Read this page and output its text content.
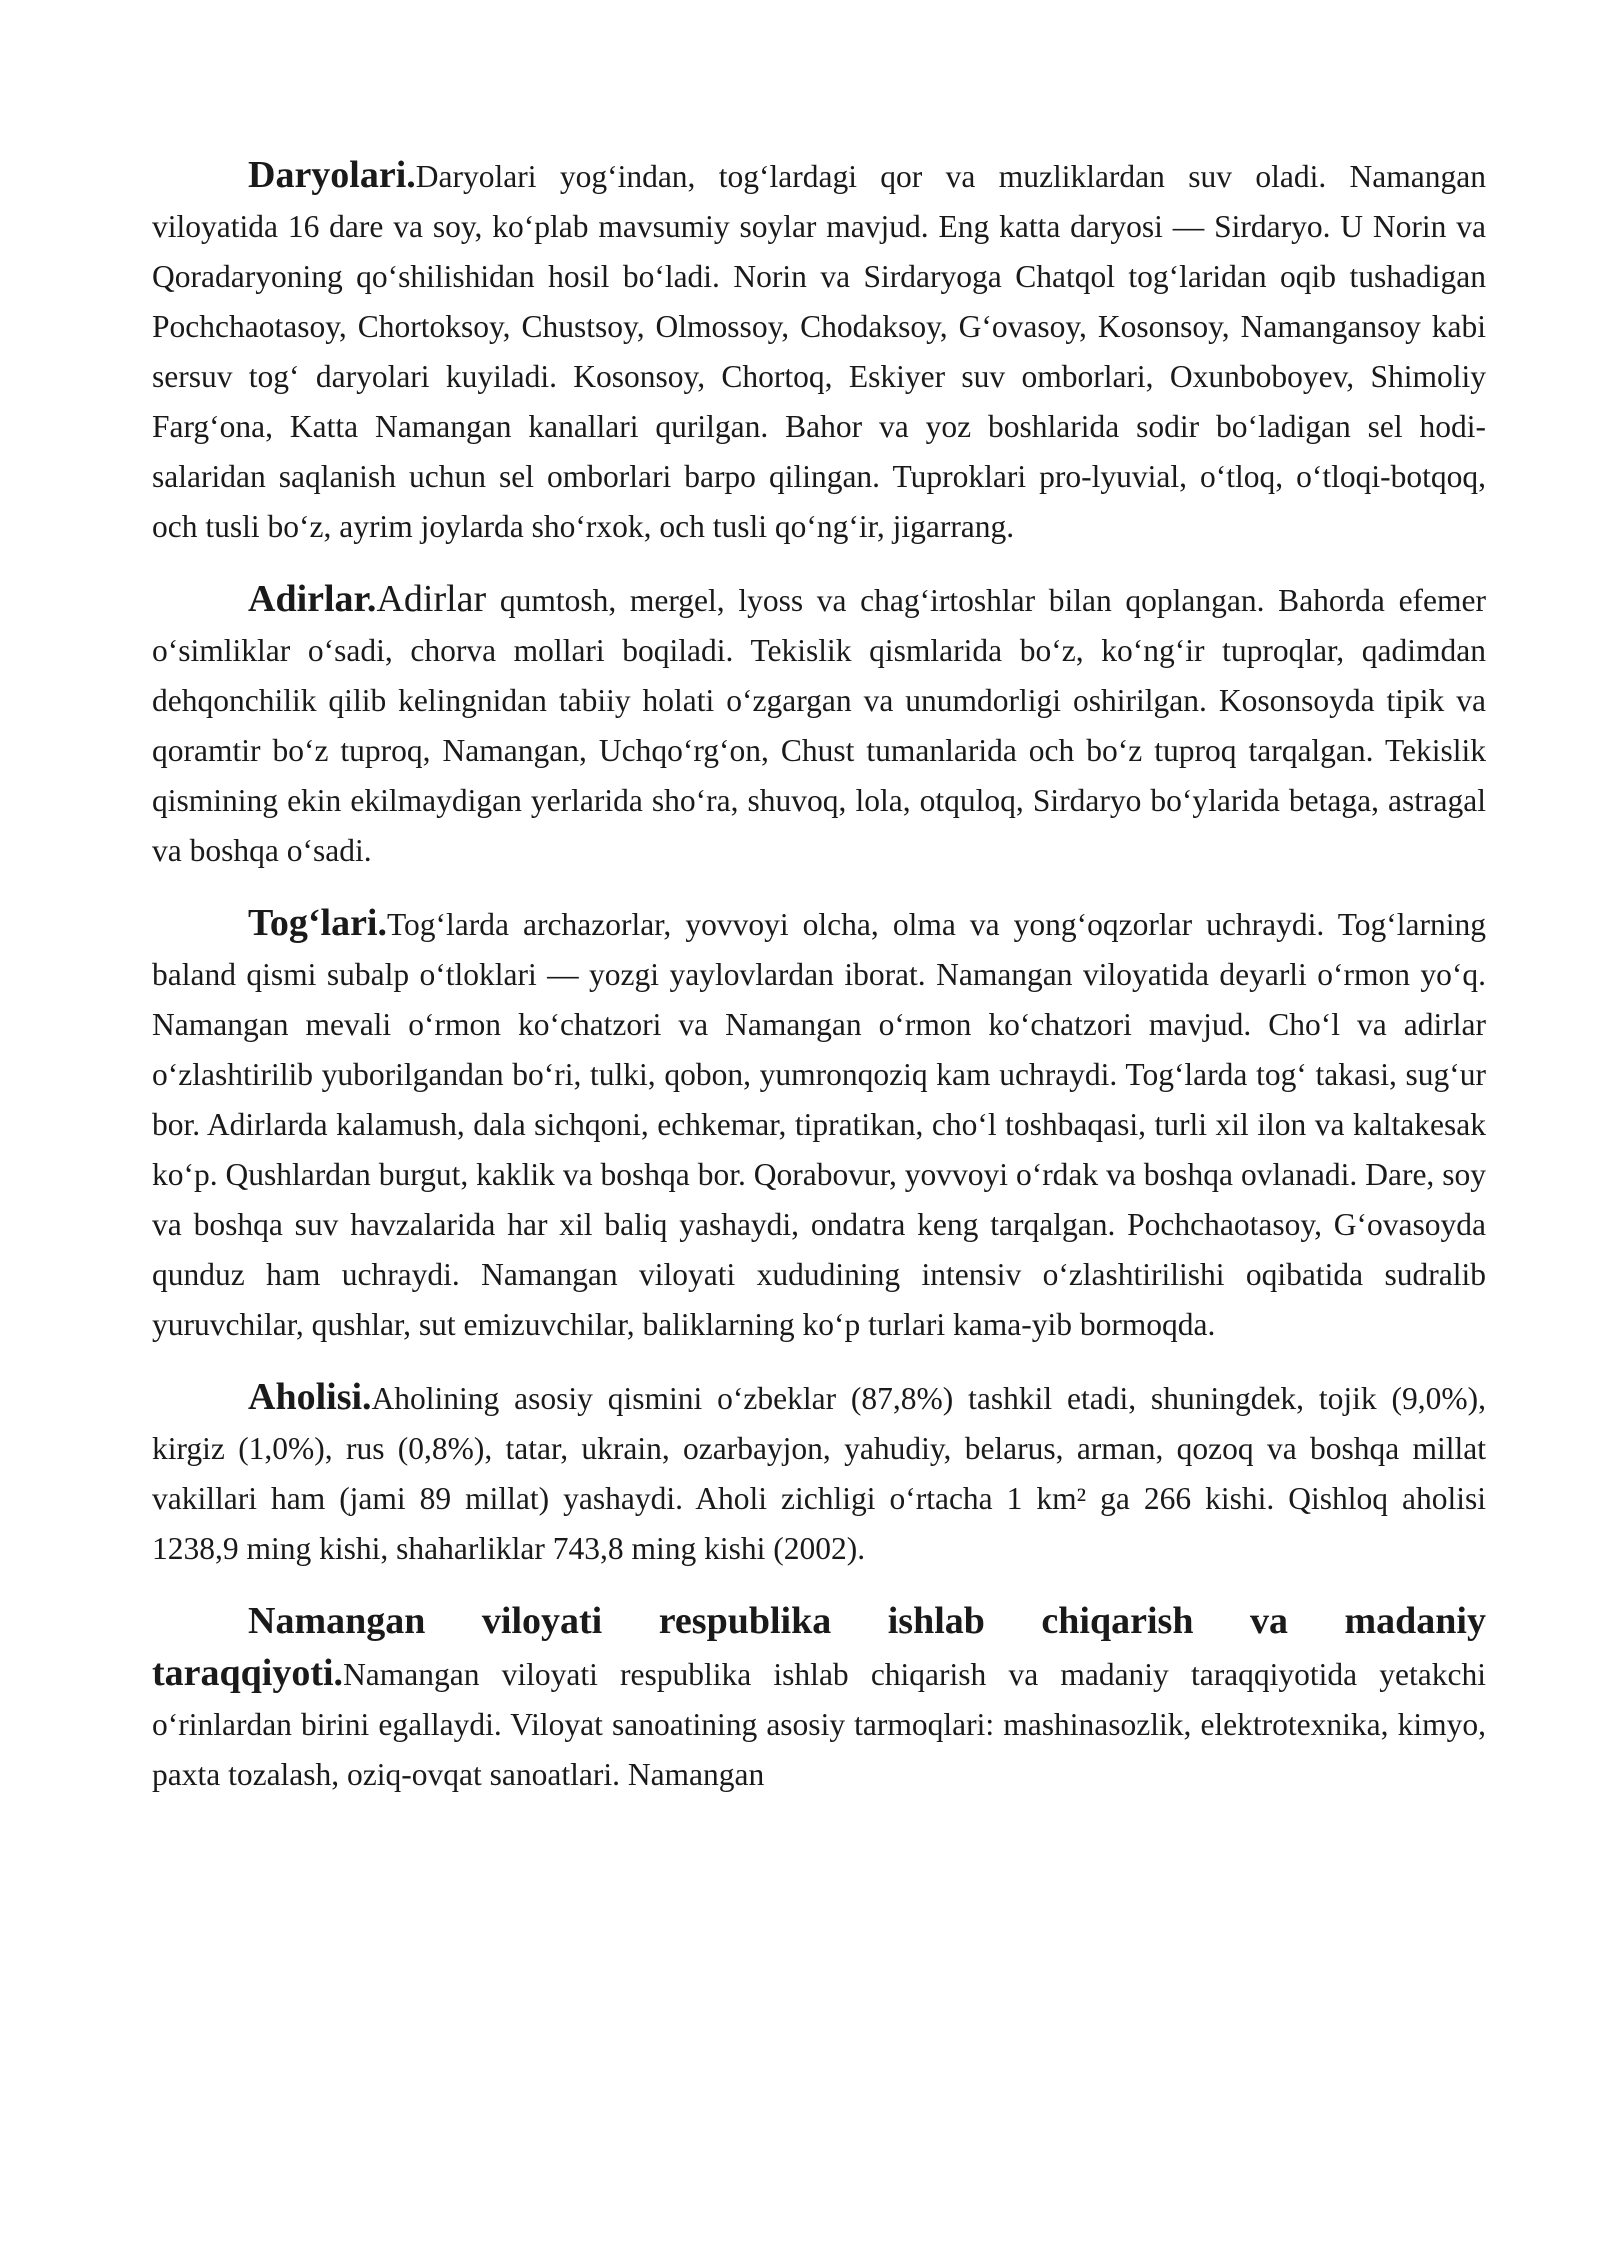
Daryolari.Daryolari yog‘indan, tog‘lardagi qor va muzliklardan suv oladi. Namangan viloyatida 16 dare va soy, ko‘plab mavsumiy soylar mavjud. Eng katta daryosi — Sirdaryo. U Norin va Qoradaryoning qo‘shilishidan hosil bo‘ladi. Norin va Sirdaryoga Chatqol tog‘laridan oqib tushadigan Pochchaotasoy, Chortoksoy, Chustsoy, Olmossoy, Chodaksoy, G‘ovasoy, Kosonsoy, Namangansoy kabi sersuv tog‘ daryolari kuyiladi. Kosonsoy, Chortoq, Eskiyer suv omborlari, Oxunboboyev, Shimoliy Farg‘ona, Katta Namangan kanallari qurilgan. Bahor va yoz boshlarida sodir bo‘ladigan sel hodi-salaridan saqlanish uchun sel omborlari barpo qilingan. Tuproklari pro-lyuvial, o‘tloq, o‘tloqi-botqoq, och tusli bo‘z, ayrim joylarda sho‘rxok, och tusli qo‘ng‘ir, jigarrang.

Adirlar.Adirlar qumtosh, mergel, lyoss va chag‘irtoshlar bilan qoplangan. Bahorda efemer o‘simliklar o‘sadi, chorva mollari boqiladi. Tekislik qismlarida bo‘z, ko‘ng‘ir tuproqlar, qadimdan dehqonchilik qilib kelingnidan tabiiy holati o‘zgargan va unumdorligi oshirilgan. Kosonsoyda tipik va qoramtir bo‘z tuproq, Namangan, Uchqo‘rg‘on, Chust tumanlarida och bo‘z tuproq tarqalgan. Tekislik qismining ekin ekilmaydigan yerlarida sho‘ra, shuvoq, lola, otquloq, Sirdaryo bo‘ylarida betaga, astragal va boshqa o‘sadi.

Tog‘lari.Tog‘larda archazorlar, yovvoyi olcha, olma va yong‘oqzorlar uchraydi. Tog‘larning baland qismi subalp o‘tloklari — yozgi yaylovlardan iborat. Namangan viloyatida deyarli o‘rmon yo‘q. Namangan mevali o‘rmon ko‘chatzori va Namangan o‘rmon ko‘chatzori mavjud. Cho‘l va adirlar o‘zlashtirilib yuborilgandan bo‘ri, tulki, qobon, yumronqoziq kam uchraydi. Tog‘larda tog‘ takasi, sug‘ur bor. Adirlarda kalamush, dala sichqoni, echkemar, tipratikan, cho‘l toshbaqasi, turli xil ilon va kaltakesak ko‘p. Qushlardan burgut, kaklik va boshqa bor. Qorabovur, yovvoyi o‘rdak va boshqa ovlanadi. Dare, soy va boshqa suv havzalarida har xil baliq yashaydi, ondatra keng tarqalgan. Pochchaotasoy, G‘ovasoyda qunduz ham uchraydi. Namangan viloyati xududining intensiv o‘zlashtirilishi oqibatida sudralib yuruvchilar, qushlar, sut emizuvchilar, baliklarning ko‘p turlari kama-yib bormoqda.

Aholisi.Aholining asosiy qismini o‘zbeklar (87,8%) tashkil etadi, shuningdek, tojik (9,0%), kirgiz (1,0%), rus (0,8%), tatar, ukrain, ozarbayjon, yahudiy, belarus, arman, qozoq va boshqa millat vakillari ham (jami 89 millat) yashaydi. Aholi zichligi o‘rtacha 1 km² ga 266 kishi. Qishloq aholisi 1238,9 ming kishi, shaharliklar 743,8 ming kishi (2002).

Namangan viloyati respublika ishlab chiqarish va madaniy taraqqiyoti.Namangan viloyati respublika ishlab chiqarish va madaniy taraqqiyotida yetakchi o‘rinlardan birini egallaydi. Viloyat sanoatining asosiy tarmoqlari: mashinasozlik, elektrotexnika, kimyo, paxta tozalash, oziq-ovqat sanoatlari. Namangan
